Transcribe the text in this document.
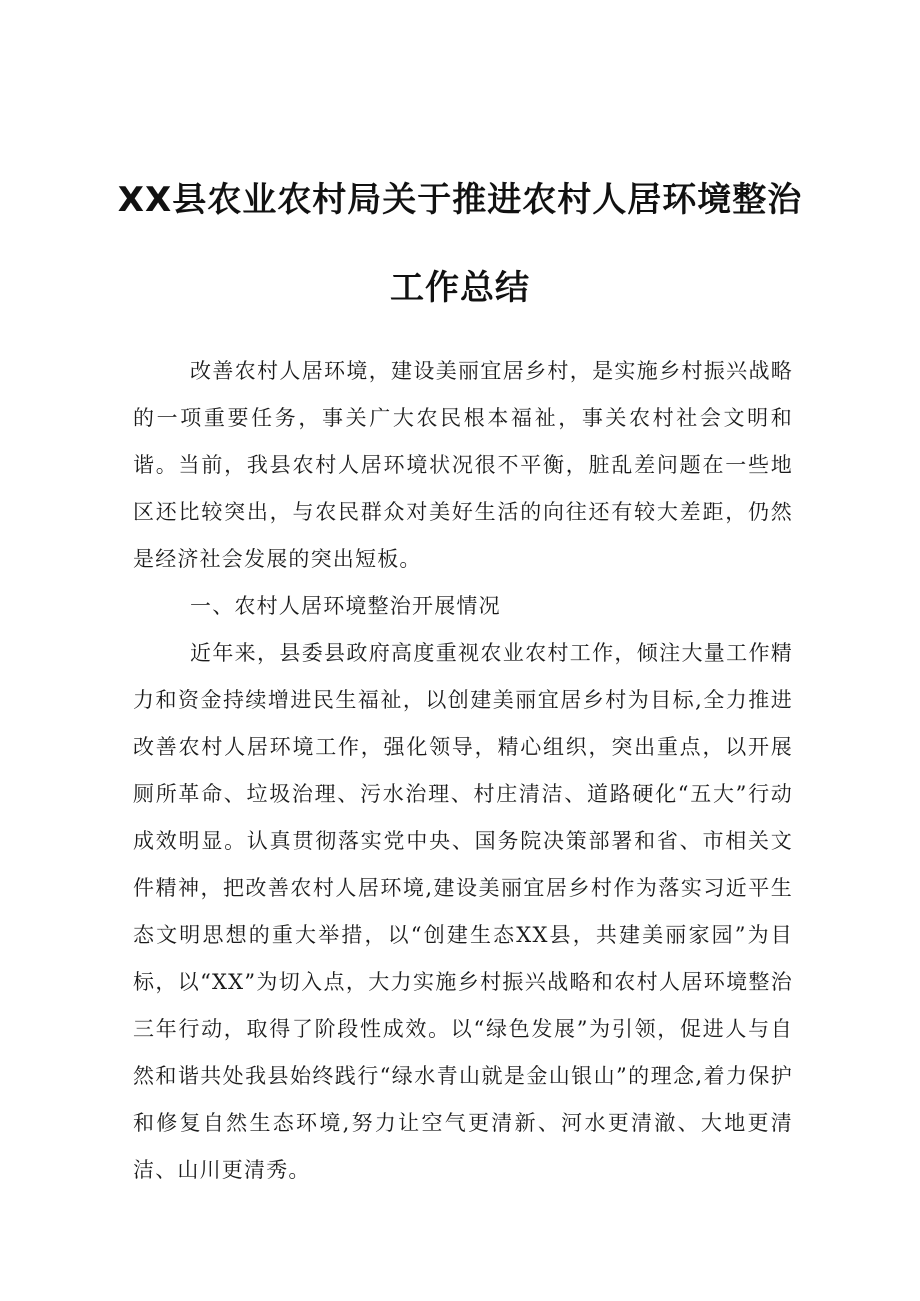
XX县农业农村局关于推进农村人居环境整治
工作总结

改善农村人居环境，建设美丽宜居乡村，是实施乡村振兴战略的一项重要任务，事关广大农民根本福祉，事关农村社会文明和谐。当前，我县农村人居环境状况很不平衡，脏乱差问题在一些地区还比较突出，与农民群众对美好生活的向往还有较大差距，仍然是经济社会发展的突出短板。

一、农村人居环境整治开展情况

近年来，县委县政府高度重视农业农村工作，倾注大量工作精力和资金持续增进民生福祉，以创建美丽宜居乡村为目标,全力推进改善农村人居环境工作，强化领导，精心组织，突出重点，以开展厕所革命、垃圾治理、污水治理、村庄清洁、道路硬化“五大”行动成效明显。认真贯彻落实党中央、国务院决策部署和省、市相关文件精神，把改善农村人居环境,建设美丽宜居乡村作为落实习近平生态文明思想的重大举措，以“创建生态XX县，共建美丽家园”为目标，以“XX”为切入点，大力实施乡村振兴战略和农村人居环境整治三年行动，取得了阶段性成效。以“绿色发展”为引领，促进人与自然和谐共处我县始终践行“绿水青山就是金山银山”的理念,着力保护和修复自然生态环境,努力让空气更清新、河水更清澈、大地更清洁、山川更清秀。
